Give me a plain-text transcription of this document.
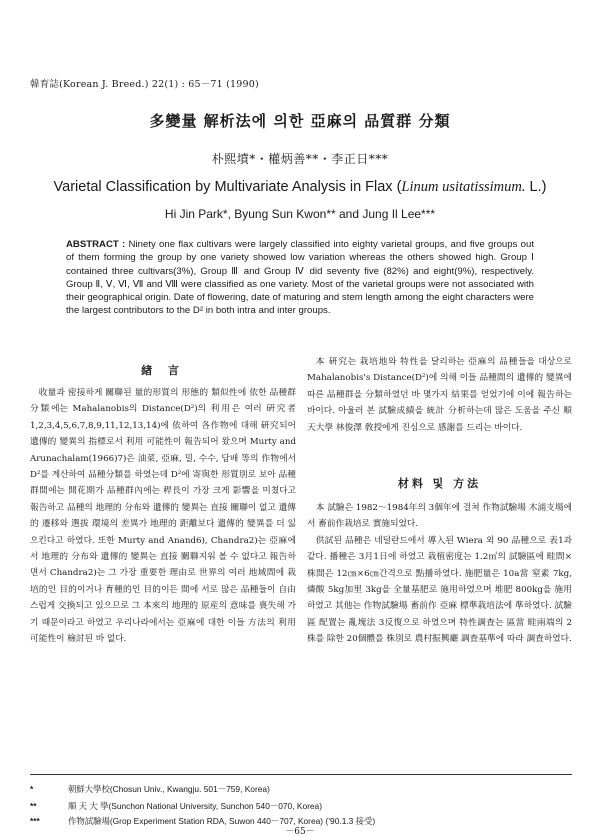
韓育誌(Korean J. Breed.) 22(1) : 65－71 (1990)
多變量 解析法에 의한 亞麻의 品質群 分類
朴熙墳*・權炳善**・李正日***
Varietal Classification by Multivariate Analysis in Flax (Linum usitatissimum. L.)
Hi Jin Park*, Byung Sun Kwon** and Jung Il Lee***
ABSTRACT : Ninety one flax cultivars were largely classified into eighty varietal groups, and five groups out of them forming the group by one variety showed low variation whereas the others showed high. Group Ⅰ contained three cultivars(3%), Group Ⅲ and Group Ⅳ did seventy five (82%) and eight(9%), respectively. Group Ⅱ, Ⅴ, Ⅵ, Ⅶ and Ⅷ were classified as one variety. Most of the varietal groups were not associated with their geographical origin. Date of flowering, date of maturing and stem length among the eight characters were the largest contributors to the D² in both intra and inter groups.
緖 言

收量과 密接하게 關聯된 量的形質의 形態的 類似性에 依한 品種群 分類에는 Mahalanobis의 Distance(D²)의 利用은 여러 硏究者1,2,3,4,5,6,7,8,9,11,12,13,14)에 依하여 各作物에 대해 硏究되어 遺傳的 變異의 指標로서 利用 可能性이 報告되어 왔으며 Murty and Arunachalam(1966)7)은 油菜, 亞麻, 밀, 수수, 담배 等의 作物에서 D²를 계산하여 品種分類를 하였는데 D²에 寄與한 形質別로 보아 品種群間에는 開花期가 品種群內에는 稈長이 가장 크게 影響을 미쳤다고 報告하고 品種의 地理的 分布와 遺傳的 變異는 直接 關聯이 없고 遺傳的 遷移와 選拔 環境의 差異가 地理的 距離보다 遺傳的 變異를 더 잃으킨다고 하였다. 또한 Murty and Anand6), Chandra2)는 亞麻에서 地理的 分布와 遺傳的 變異는 直接 關聯지워 볼 수 없다고 報告하면서 Chandra2)는 그 가장 重要한 理由로 世界의 여러 地域間에 栽培的인 目的이거나 育種的인 目的이든 間에 서로 많은 品種들이 自由스럽게 交換되고 있으므로 그 本來의 地理的 原産의 意味를 喪失해 가기 때문이라고 하였고 우리나라에서는 亞麻에 대한 이들 方法의 利用 可能性이 檢討된 바 없다.

本 硏究는 栽培地와 特性을 달리하는 亞麻의 品種들을 대상으로 Mahalanobis's Distance(D²)에 의해 이들 品種間의 遺傳的 變異에 따른 品種群을 分類하였던 바 몇가지 結果를 얻었기에 이에 報告하는 바이다. 아울러 본 試驗成績을 統計 分析하는데 많은 도움을 주신 順天大學 林俊澤 敎授에게 진심으로 感謝를 드리는 바이다.

材料 및 方法

本 試驗은 1982～1984年의 3個年에 걸쳐 作物試驗場 木浦支場에서 畜前作栽培로 實施되었다.

供試된 品種은 네덜란드에서 導入된 Wiera 외 90 品種으로 表1과 같다. 播種은 3月1日에 하였고 栽植密度는 1.2㎡의 試驗區에 畦間×株間은 12㎝×6㎝간격으로 點播하였다. 施肥量은 10a當 窒素 7kg, 燐酸 5kg加里 3kg을 全量基肥로 施用하였으며 堆肥 800kg을 施用하였고 其他는 作物試驗場 畜前作 亞麻 標準栽培法에 準하였다. 試驗區 配置는 亂塊法 3反復으로 하였으며 特性調査는 區當 畦兩端의 2株를 除한 20個體를 株別로 農村振興廳 調査基準에 따라 調査하였다.

*	朝鮮大學校(Chosun Univ., Kwangju. 501－759, Korea)
**	順 天 大 學(Sunchon National University, Sunchon 540－070, Korea)
***	作物試驗場(Grop Experiment Station RDA, Suwon 440－707, Korea) (’90.1.3 接受)
－65－
